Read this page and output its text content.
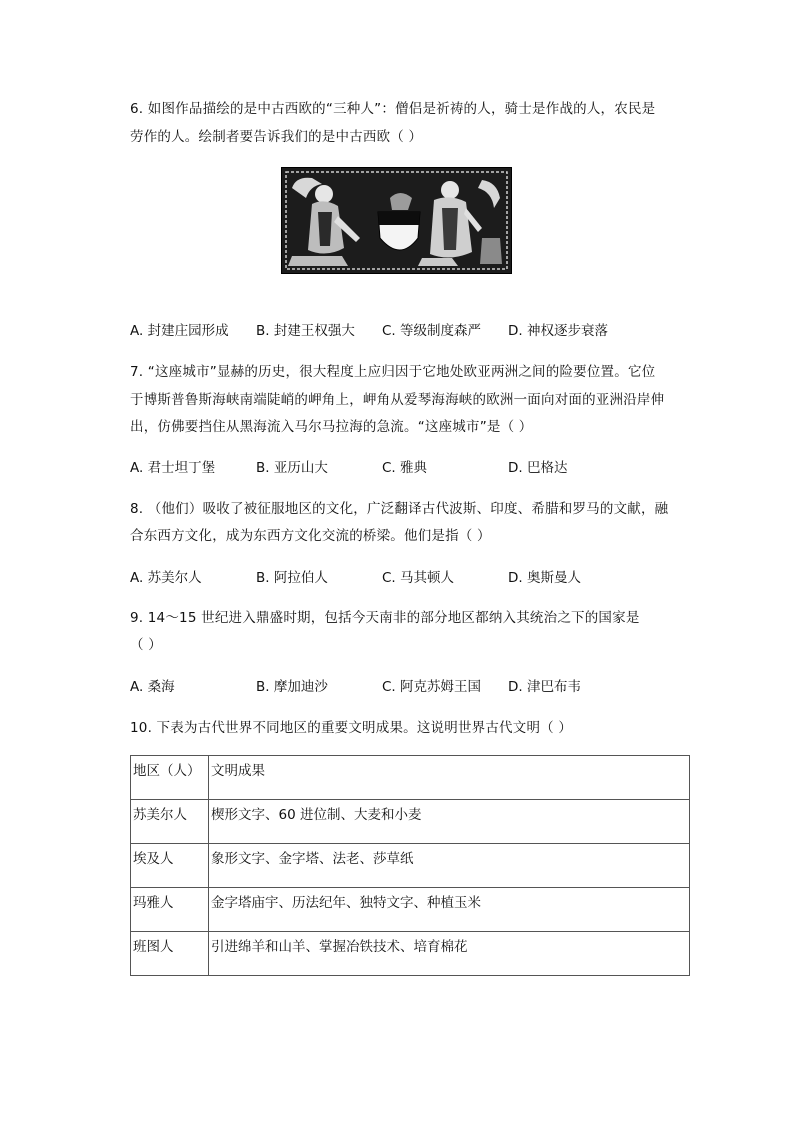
6. 如图作品描绘的是中古西欧的“三种人”：僧侣是祈祷的人，骑士是作战的人，农民是
劳作的人。绘制者要告诉我们的是中古西欧（ ）
A. 封建庄园形成 B. 封建王权强大 C. 等级制度森严 D. 神权逐步衰落
7. “这座城市”显赫的历史，很大程度上应归因于它地处欧亚两洲之间的险要位置。它位
于博斯普鲁斯海峡南端陡峭的岬角上，岬角从爱琴海海峡的欧洲一面向对面的亚洲沿岸伸
出，仿佛要挡住从黑海流入马尔马拉海的急流。“这座城市”是（ ）
A. 君士坦丁堡	B. 亚历山大	C. 雅典	D. 巴格达
8. （他们）吸收了被征服地区的文化，广泛翻译古代波斯、印度、希腊和罗马的文献，融
合东西方文化，成为东西方文化交流的桥梁。他们是指（ ）
A. 苏美尔人	B. 阿拉伯人	C. 马其顿人	D. 奥斯曼人
9. 14～15 世纪进入鼎盛时期，包括今天南非的部分地区都纳入其统治之下的国家是
（ ）
A. 桑海	B. 摩加迪沙	C. 阿克苏姆王国 D. 津巴布韦
10. 下表为古代世界不同地区的重要文明成果。这说明世界古代文明（ ）
地区（人）	文明成果
苏美尔人	楔形文字、60 进位制、大麦和小麦
埃及人	象形文字、金字塔、法老、莎草纸
玛雅人	金字塔庙宇、历法纪年、独特文字、种植玉米
班图人	引进绵羊和山羊、掌握冶铁技术、培育棉花
